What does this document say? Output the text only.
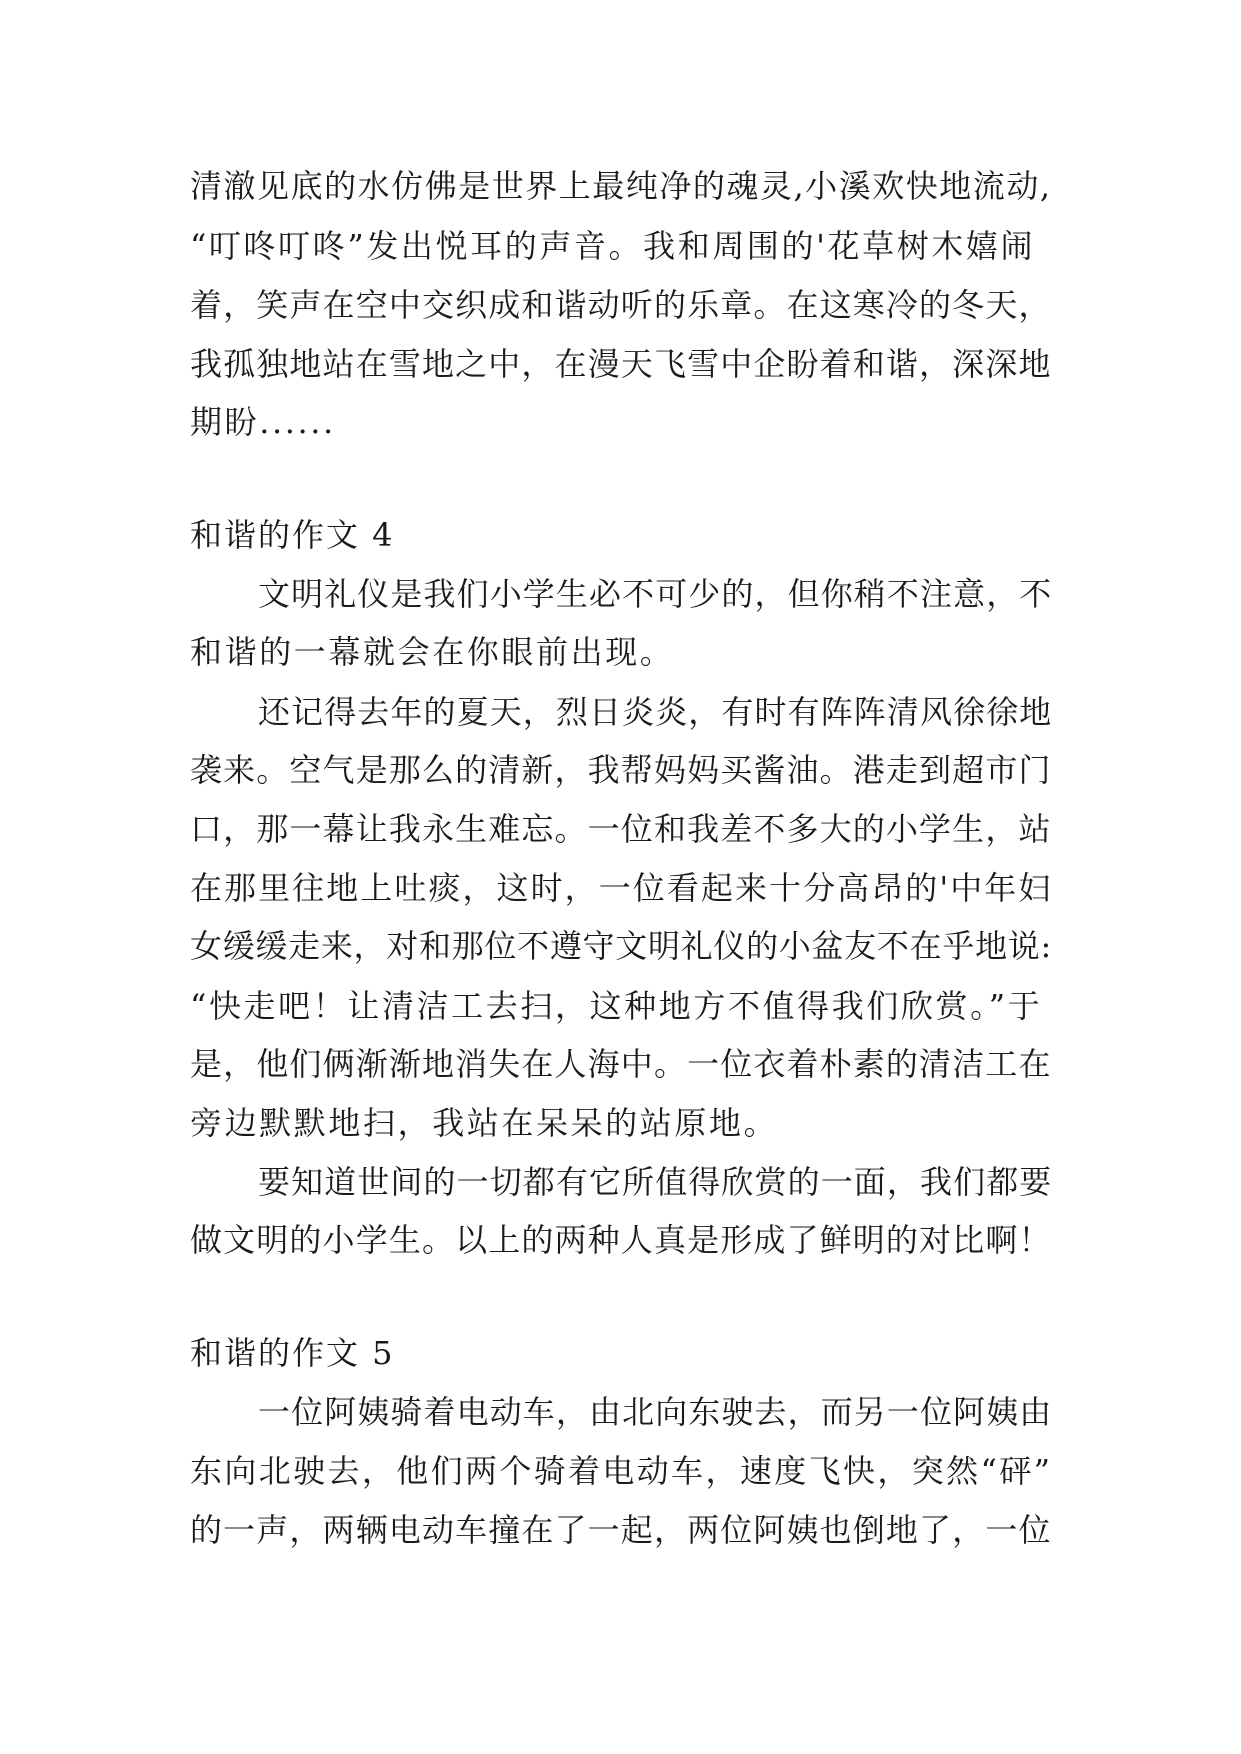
清澈见底的水仿佛是世界上最纯净的魂灵,小溪欢快地流动,
“叮咚叮咚”发出悦耳的声音。我和周围的'花草树木嬉闹
着，笑声在空中交织成和谐动听的乐章。在这寒冷的冬天，
我孤独地站在雪地之中，在漫天飞雪中企盼着和谐，深深地
期盼......
和谐的作文 4
文明礼仪是我们小学生必不可少的，但你稍不注意，不
和谐的一幕就会在你眼前出现。
还记得去年的夏天，烈日炎炎，有时有阵阵清风徐徐地
袭来。空气是那么的清新，我帮妈妈买酱油。港走到超市门
口，那一幕让我永生难忘。一位和我差不多大的小学生，站
在那里往地上吐痰，这时，一位看起来十分高昂的'中年妇
女缓缓走来，对和那位不遵守文明礼仪的小盆友不在乎地说:
“快走吧！让清洁工去扫，这种地方不值得我们欣赏。”于
是，他们俩渐渐地消失在人海中。一位衣着朴素的清洁工在
旁边默默地扫，我站在呆呆的站原地。
要知道世间的一切都有它所值得欣赏的一面，我们都要
做文明的小学生。以上的两种人真是形成了鲜明的对比啊！
和谐的作文 5
一位阿姨骑着电动车，由北向东驶去，而另一位阿姨由
东向北驶去，他们两个骑着电动车，速度飞快，突然“砰”
的一声，两辆电动车撞在了一起，两位阿姨也倒地了，一位
